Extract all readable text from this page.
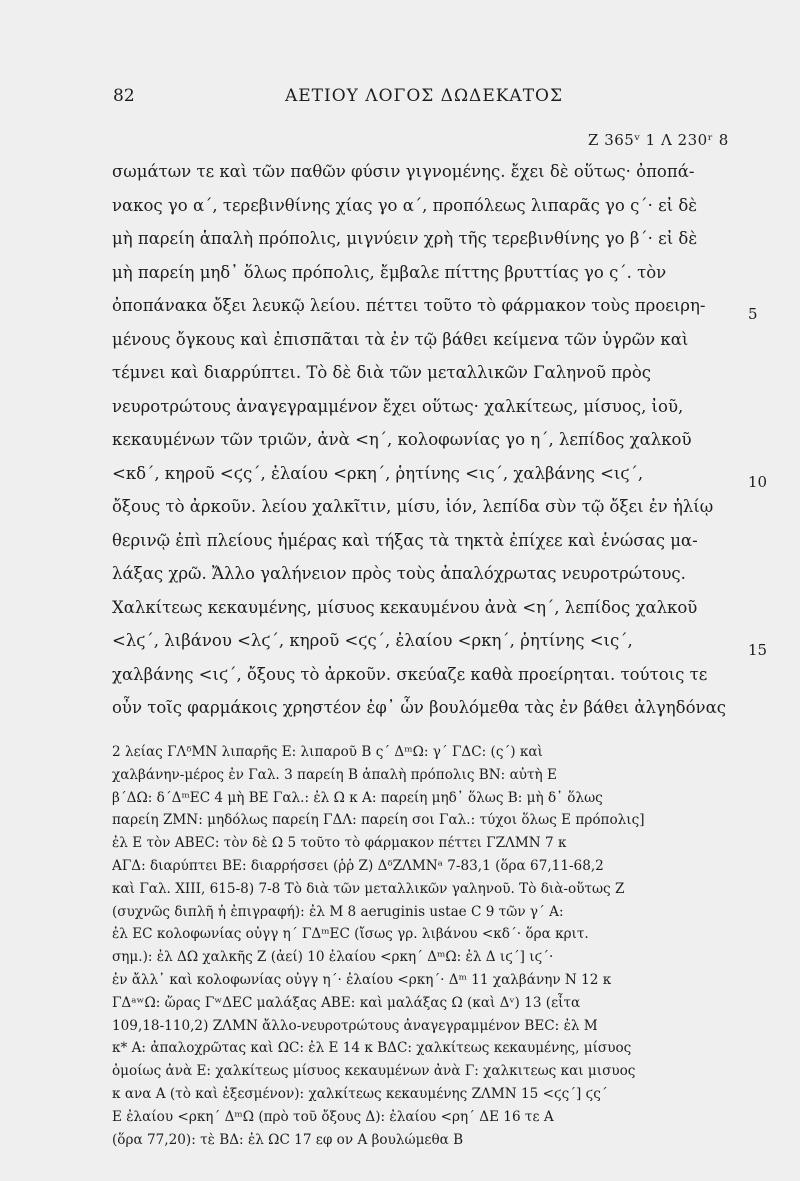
82	ΑΕΤΙΟΥ ΛΟΓΟΣ ΔΩΔΕΚΑΤΟΣ
Z 365ᵛ 1 Λ 230ʳ 8
σωμάτων τε καὶ τῶν παθῶν φύσιν γιγνομένης. ἔχει δὲ οὕτως· ὀποπά-
νακος γο α΄, τερεβινθίνης χίας γο α΄, προπόλεως λιπαρᾶς γο ς΄· εἰ δὲ
μὴ παρείη ἁπαλὴ πρόπολις, μιγνύειν χρὴ τῆς τερεβινθίνης γο β΄· εἰ δὲ
μὴ παρείη μηδ᾽ ὅλως πρόπολις, ἔμβαλε πίττης βρυττίας γο ς΄. τὸν
ὀποπάνακα ὄξει λευκῷ λείου. πέττει τοῦτο τὸ φάρμακον τοὺς προειρη-
μένους ὄγκους καὶ ἐπισπᾶται τὰ ἐν τῷ βάθει κείμενα τῶν ὑγρῶν καὶ
τέμνει καὶ διαρρύπτει. Τὸ δὲ διὰ τῶν μεταλλικῶν Γαληνοῦ πρὸς
νευροτρώτους ἀναγεγραμμένον ἔχει οὕτως· χαλκίτεως, μίσυος, ἰοῦ,
κεκαυμένων τῶν τριῶν, ἀνὰ <η΄, κολοφωνίας γο η΄, λεπίδος χαλκοῦ
<κδ΄, κηροῦ <ϛς΄, ἐλαίου <ρκη΄, ῥητίνης <ις΄, χαλβάνης <ιϛ΄,
ὄξους τὸ ἀρκοῦν. λείου χαλκῖτιν, μίσυ, ἰόν, λεπίδα σὺν τῷ ὄξει ἐν ἡλίῳ
θερινῷ ἐπὶ πλείους ἡμέρας καὶ τήξας τὰ τηκτὰ ἐπίχεε καὶ ἑνώσας μα-
λάξας χρῶ. Ἄλλο γαλήνειον πρὸς τοὺς ἀπαλόχρωτας νευροτρώτους.
Χαλκίτεως κεκαυμένης, μίσυος κεκαυμένου ἀνὰ <η΄, λεπίδος χαλκοῦ
<λϛ΄, λιβάνου <λϛ΄, κηροῦ <ϛς΄, ἐλαίου <ρκη΄, ῥητίνης <ις΄,
χαλβάνης <ιϛ΄, ὄξους τὸ ἀρκοῦν. σκεύαζε καθὰ προείρηται. τούτοις τε
οὖν τοῖς φαρμάκοις χρηστέον ἐφ᾽ ὧν βουλόμεθα τὰς ἐν βάθει ἀλγηδόνας
5
10
15
2 λείας ΓΛᵟΜΝ λιπαρῆς Ε: λιπαροῦ Β ς΄ ΔᵐΩ: γ΄ ΓΔC: (ς΄) καὶ
χαλβάνην-μέρος ἐν Γαλ. 3 παρείη Β ἁπαλὴ πρόπολις ΒΝ: αὐτὴ Ε
β΄ΔΩ: δ΄ΔᵐEC 4 μὴ ΒΕ Γαλ.: ἐλ Ω κ Α: παρείη μηδ᾽ ὅλως Β: μὴ δ᾽ ὅλως
παρείη ΖΜΝ: μηδόλως παρείη ΓΔΛ: παρείη σοι Γαλ.: τύχοι ὅλως Ε πρόπολις]
ἐλ Ε τὸν ΑΒΕC: τὸν δὲ Ω 5 τοῦτο τὸ φάρμακον πέττει ΓΖΛΜΝ 7 κ
ΑΓΔ: διαρύπτει ΒΕ: διαρρήσσει (ῥῥ Ζ) ΔᵟΖΛΜΝᵃ 7-83,1 (ὅρα 67,11-68,2
καὶ Γαλ. XIII, 615-8) 7-8 Τὸ διὰ τῶν μεταλλικῶν γαληνοῦ. Τὸ διὰ-οὕτως Ζ
(συχνῶς διπλῆ ἡ ἐπιγραφή): ἐλ Μ 8 aeruginis ustae C 9 τῶν γ΄ Α:
ἐλ EC κολοφωνίας οὐγγ η΄ ΓΔᵐEC (ἴσως γρ. λιβάνου <κδ΄· ὅρα κριτ.
σημ.): ἐλ ΔΩ χαλκῆς Ζ (ἀεί) 10 ἐλαίου <ρκη΄ ΔᵐΩ: ἐλ Δ ιϛ΄] ιϛ΄·
ἐν ἄλλ᾽ καὶ κολοφωνίας οὐγγ η΄· ἐλαίου <ρκη΄· Δᵐ 11 χαλβάνην Ν 12 κ
ΓΔᵃʷΩ: ὥρας ΓʷΔEC μαλάξας ΑΒΕ: καὶ μαλάξας Ω (καὶ Δᵛ) 13 (εἶτα
109,18-110,2) ΖΛΜΝ ἄλλο-νευροτρώτους ἀναγεγραμμένον ΒΕC: ἐλ Μ
κ* Α: ἀπαλοχρῶτας καὶ ΩC: ἐλ Ε 14 κ ΒΔC: χαλκίτεως κεκαυμένης, μίσυος
ὁμοίως ἀνὰ Ε: χαλκίτεως μίσυος κεκαυμένων ἀνὰ Γ: χαλκιτεως και μισυος
κ ανα Α (τὸ καὶ ἐξεσμένον): χαλκίτεως κεκαυμένης ΖΛΜΝ 15 <ϛς΄] ϛς΄
Ε ἐλαίου <ρκη΄ ΔᵐΩ (πρὸ τοῦ ὄξους Δ): ἐλαίου <ρη΄ ΔΕ 16 τε Α
(ὅρα 77,20): τὲ ΒΔ: ἐλ ΩC 17 εφ ον Α βουλώμεθα Β
